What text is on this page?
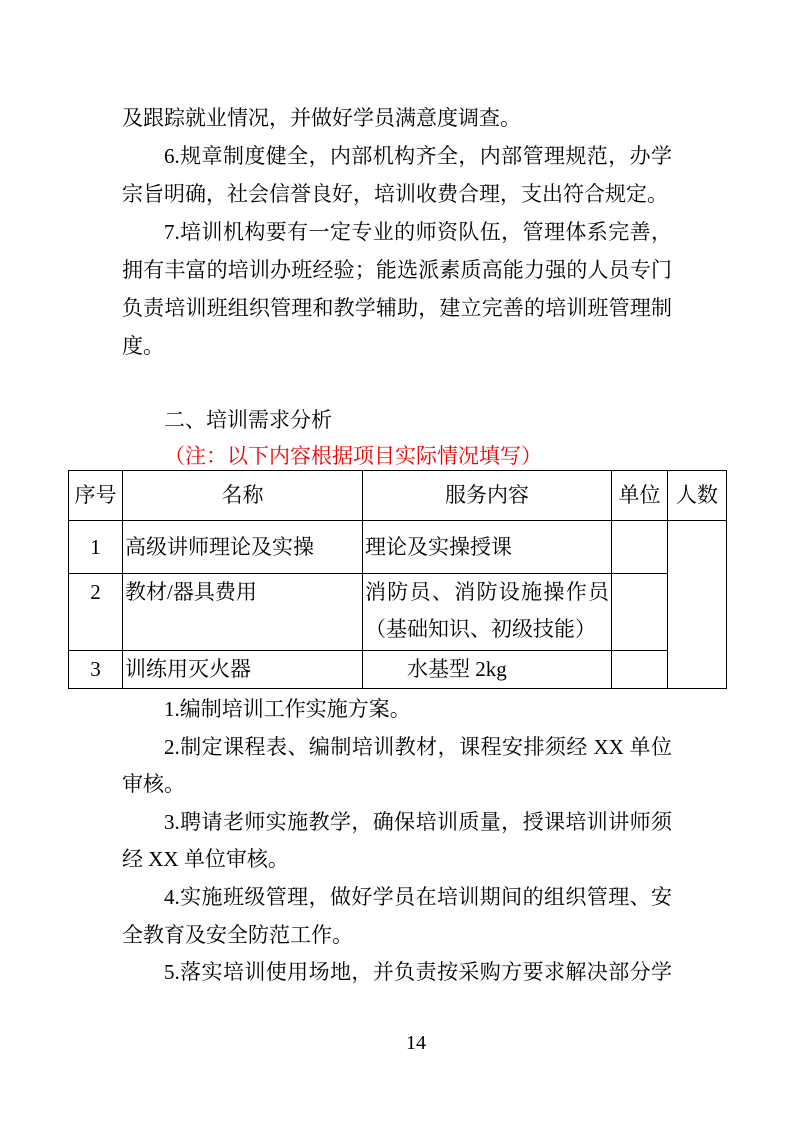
及跟踪就业情况，并做好学员满意度调查。
6.规章制度健全，内部机构齐全，内部管理规范，办学
宗旨明确，社会信誉良好，培训收费合理，支出符合规定。
7.培训机构要有一定专业的师资队伍，管理体系完善，
拥有丰富的培训办班经验；能选派素质高能力强的人员专门
负责培训班组织管理和教学辅助，建立完善的培训班管理制
度。
二、培训需求分析
（注：以下内容根据项目实际情况填写）
序号	名称	服务内容	单位	人数
1	高级讲师理论及实操	理论及实操授课		

2	教材/器具费用	消防员、消防设施操作员
（基础知识、初级技能）		

3	训练用灭火器	水基型 2kg		

1.编制培训工作实施方案。
2.制定课程表、编制培训教材，课程安排须经 XX 单位
审核。
3.聘请老师实施教学，确保培训质量，授课培训讲师须
经 XX 单位审核。
4.实施班级管理，做好学员在培训期间的组织管理、安
全教育及安全防范工作。
5.落实培训使用场地，并负责按采购方要求解决部分学
14
